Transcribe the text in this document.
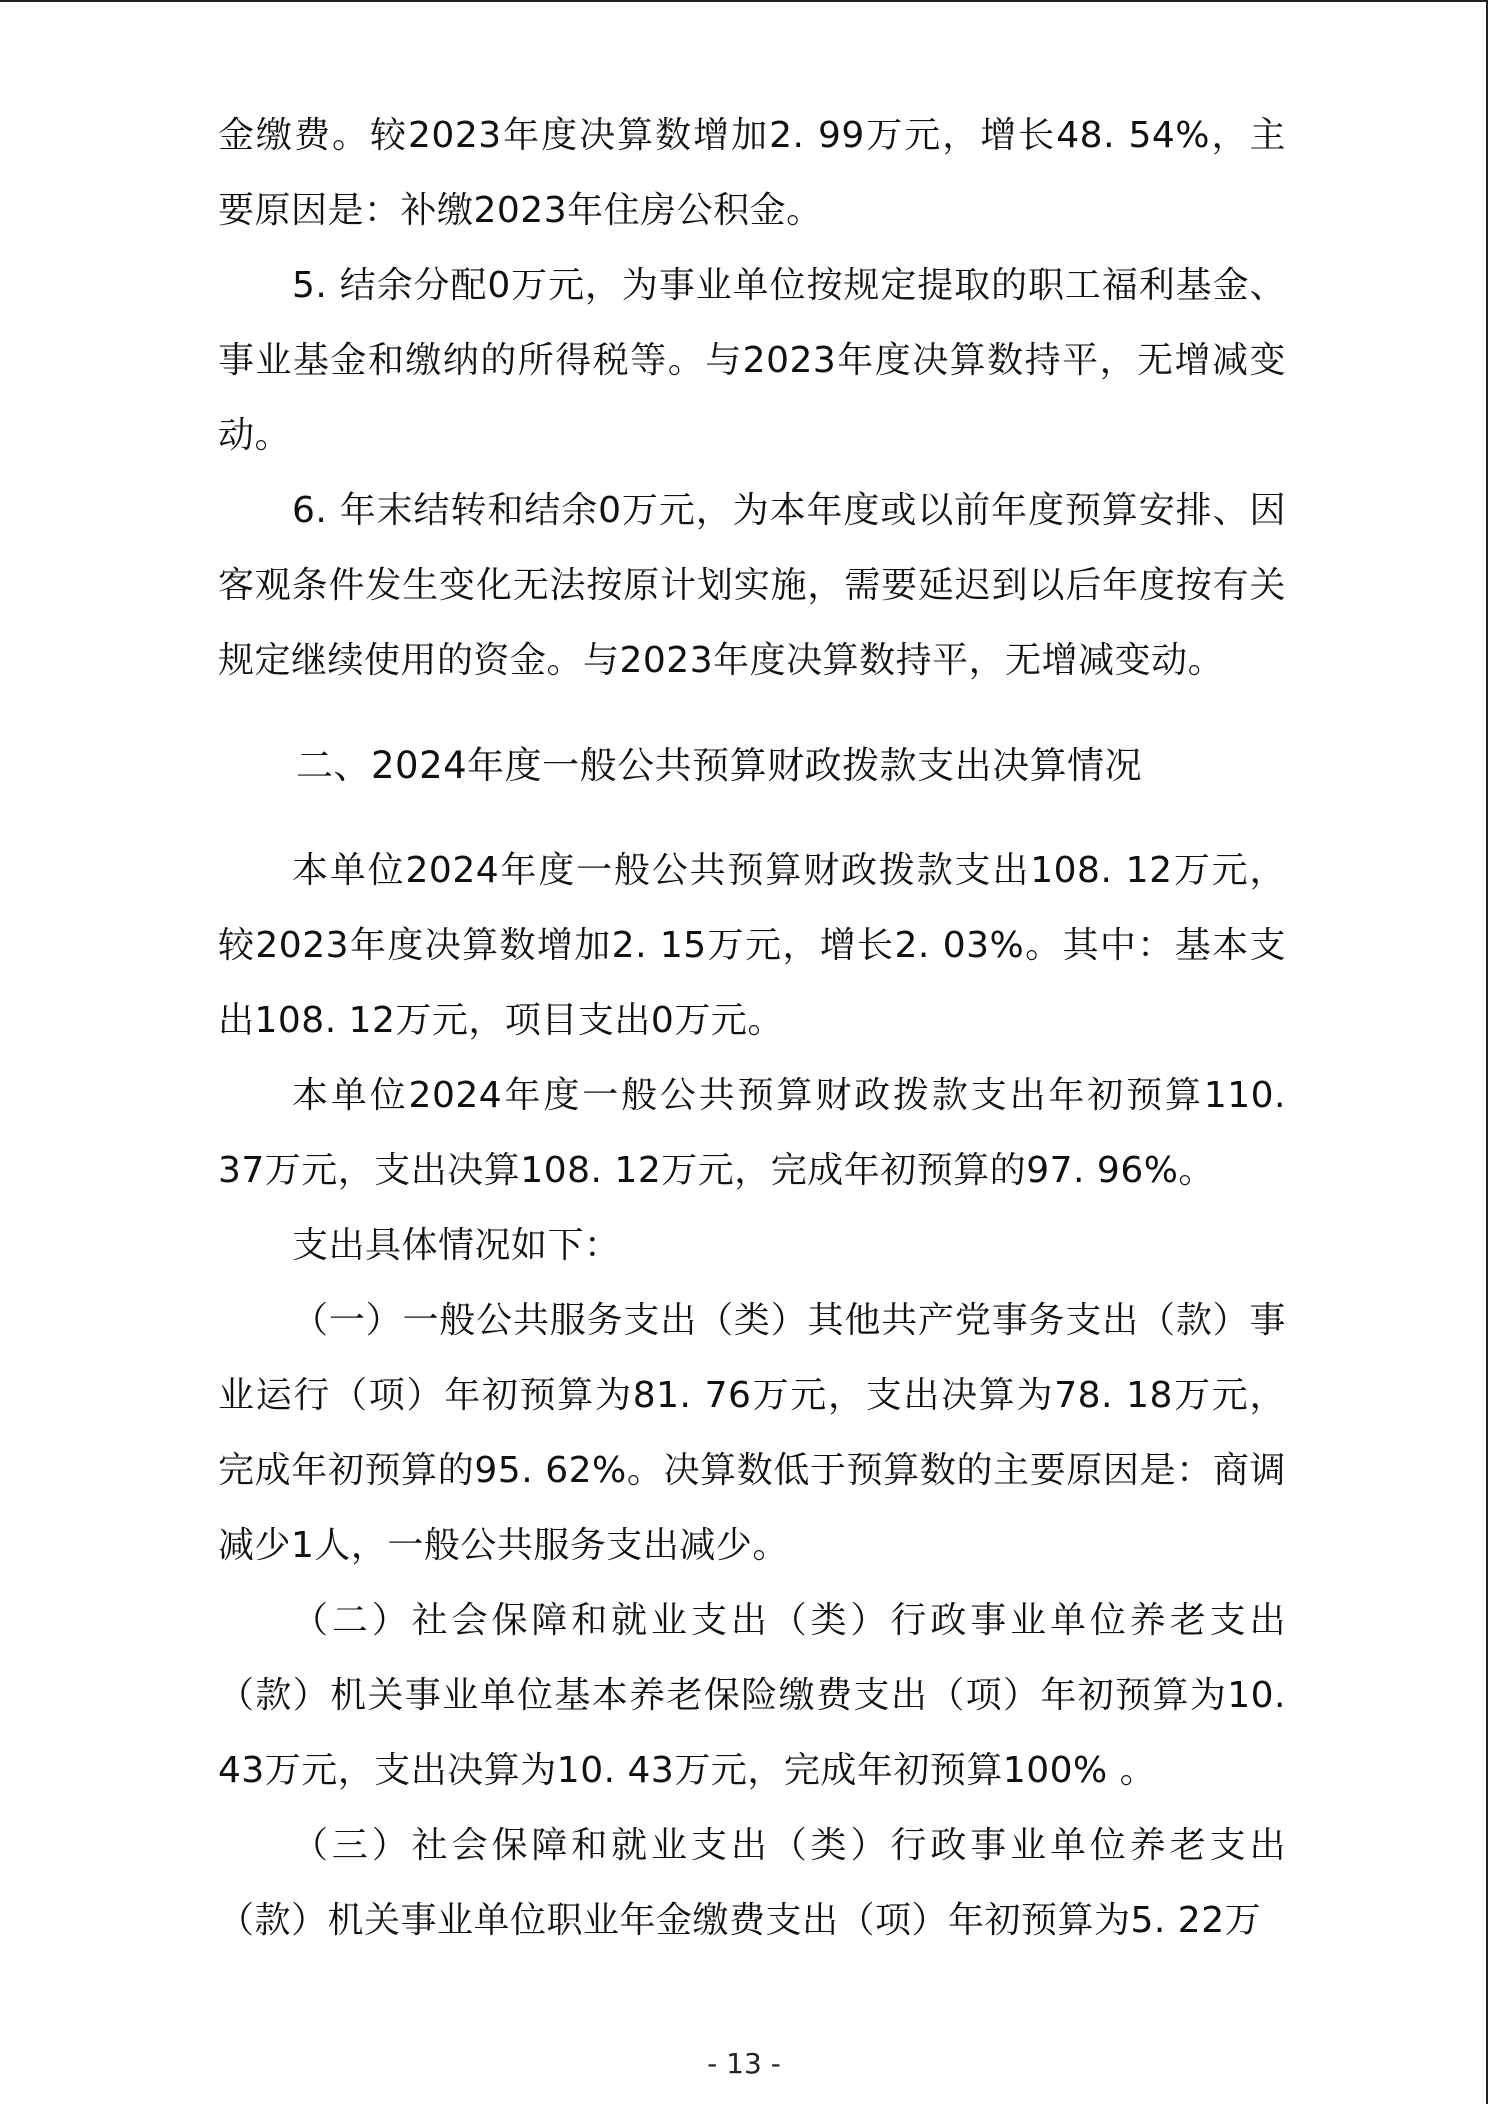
金缴费。较2023年度决算数增加2. 99万元，增长48. 54%，主要原因是：补缴2023年住房公积金。

5. 结余分配0万元，为事业单位按规定提取的职工福利基金、事业基金和缴纳的所得税等。与2023年度决算数持平，无增减变动。

6. 年末结转和结余0万元，为本年度或以前年度预算安排、因客观条件发生变化无法按原计划实施，需要延迟到以后年度按有关规定继续使用的资金。与2023年度决算数持平，无增减变动。

二、2024年度一般公共预算财政拨款支出决算情况

本单位2024年度一般公共预算财政拨款支出108. 12万元，较2023年度决算数增加2. 15万元，增长2. 03%。其中：基本支出108. 12万元，项目支出0万元。

本单位2024年度一般公共预算财政拨款支出年初预算110. 37万元，支出决算108. 12万元，完成年初预算的97. 96%。

支出具体情况如下：

（一）一般公共服务支出（类）其他共产党事务支出（款）事业运行（项）年初预算为81. 76万元，支出决算为78. 18万元，完成年初预算的95. 62%。决算数低于预算数的主要原因是：商调减少1人，一般公共服务支出减少。

（二）社会保障和就业支出（类）行政事业单位养老支出（款）机关事业单位基本养老保险缴费支出（项）年初预算为10. 43万元，支出决算为10. 43万元，完成年初预算100% 。

（三）社会保障和就业支出（类）行政事业单位养老支出（款）机关事业单位职业年金缴费支出（项）年初预算为5. 22万

- 13 -
